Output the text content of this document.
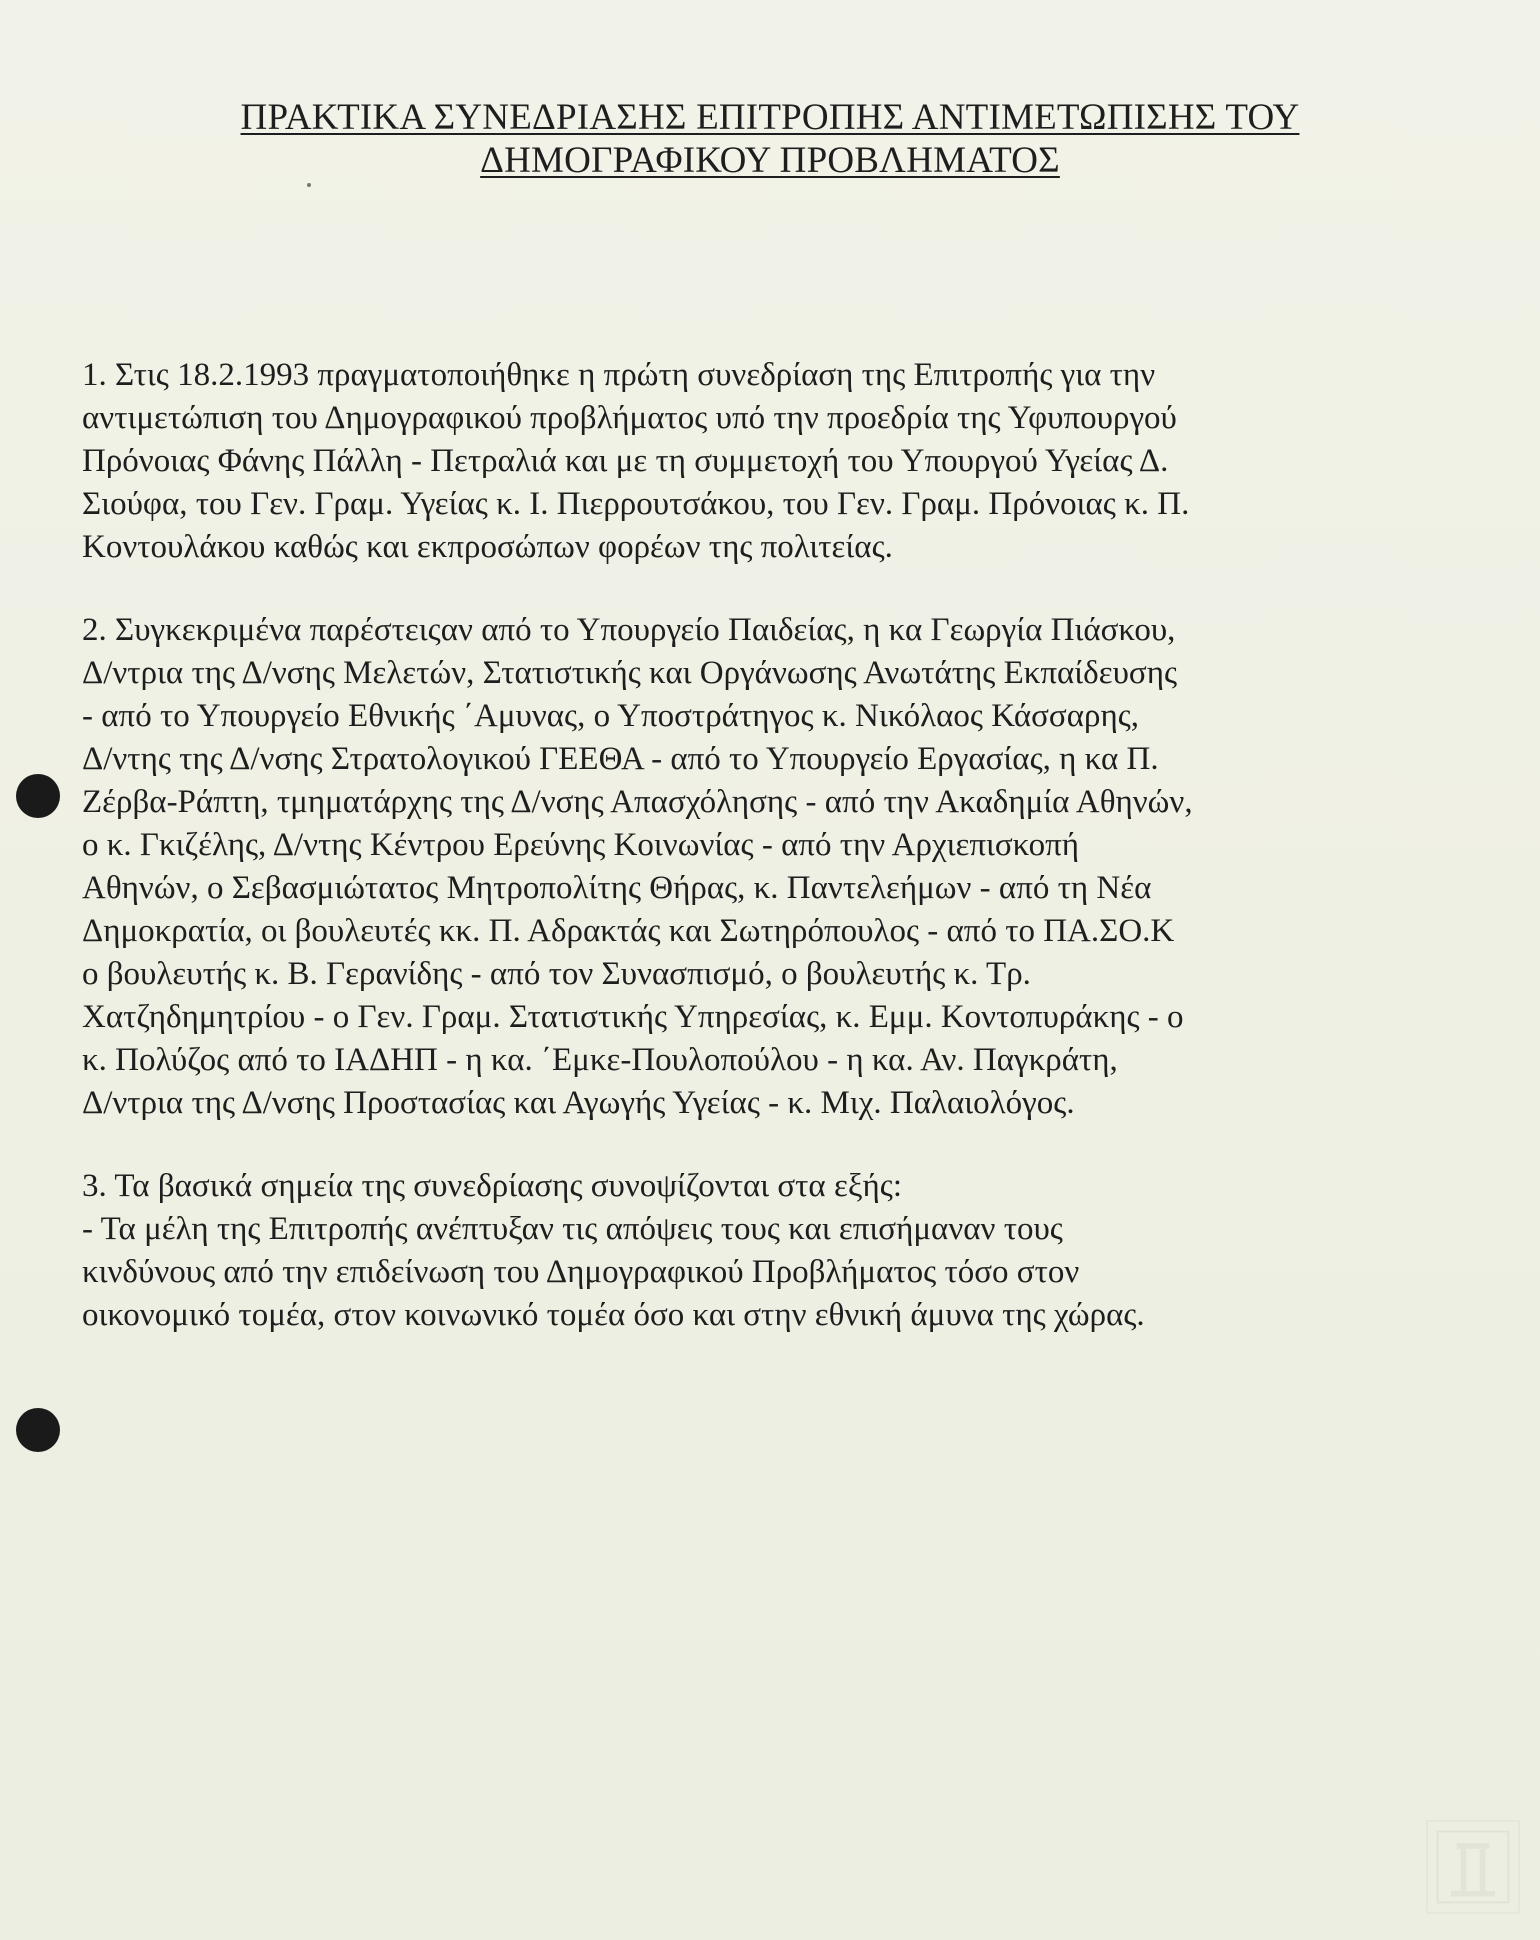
ΠΡΑΚΤΙΚΑ ΣΥΝΕΔΡΙΑΣΗΣ ΕΠΙΤΡΟΠΗΣ ΑΝΤΙΜΕΤΩΠΙΣΗΣ ΤΟΥ
ΔΗΜΟΓΡΑΦΙΚΟΥ ΠΡΟΒΛΗΜΑΤΟΣ

1. Στις 18.2.1993 πραγματοποιήθηκε η πρώτη συνεδρίαση της Επιτροπής για την
αντιμετώπιση του Δημογραφικού προβλήματος υπό την προεδρία της Υφυπουργού
Πρόνοιας Φάνης Πάλλη - Πετραλιά και με τη συμμετοχή του Υπουργού Υγείας Δ.
Σιούφα, του Γεν. Γραμ. Υγείας κ. Ι. Πιερρουτσάκου, του Γεν. Γραμ. Πρόνοιας κ. Π.
Κοντουλάκου καθώς και εκπροσώπων φορέων της πολιτείας.

2. Συγκεκριμένα παρέστειςαν από το Υπουργείο Παιδείας, η κα Γεωργία Πιάσκου,
Δ/ντρια της Δ/νσης Μελετών, Στατιστικής και Οργάνωσης Ανωτάτης Εκπαίδευσης
- από το Υπουργείο Εθνικής ΄Αμυνας, ο Υποστράτηγος κ. Νικόλαος Κάσσαρης,
Δ/ντης της Δ/νσης Στρατολογικού ΓΕΕΘΑ - από το Υπουργείο Εργασίας, η κα Π.
Ζέρβα-Ράπτη, τμηματάρχης της Δ/νσης Απασχόλησης - από την Ακαδημία Αθηνών,
ο κ. Γκιζέλης, Δ/ντης Κέντρου Ερεύνης Κοινωνίας - από την Αρχιεπισκοπή
Αθηνών, ο Σεβασμιώτατος Μητροπολίτης Θήρας, κ. Παντελεήμων - από τη Νέα
Δημοκρατία, οι βουλευτές κκ. Π. Αδρακτάς και Σωτηρόπουλος - από το ΠΑ.ΣΟ.Κ
ο βουλευτής κ. Β. Γερανίδης - από τον Συνασπισμό, ο βουλευτής κ. Τρ.
Χατζηδημητρίου - ο Γεν. Γραμ. Στατιστικής Υπηρεσίας, κ. Εμμ. Κοντοπυράκης - ο
κ. Πολύζος από το ΙΑΔΗΠ - η κα. ΄Εμκε-Πουλοπούλου - η κα. Αν. Παγκράτη,
Δ/ντρια της Δ/νσης Προστασίας και Αγωγής Υγείας - κ. Μιχ. Παλαιολόγος.

3. Τα βασικά σημεία της συνεδρίασης συνοψίζονται στα εξής:
- Τα μέλη της Επιτροπής ανέπτυξαν τις απόψεις τους και επισήμαναν τους
κινδύνους από την επιδείνωση του Δημογραφικού Προβλήματος τόσο στον
οικονομικό τομέα, στον κοινωνικό τομέα όσο και στην εθνική άμυνα της χώρας.
